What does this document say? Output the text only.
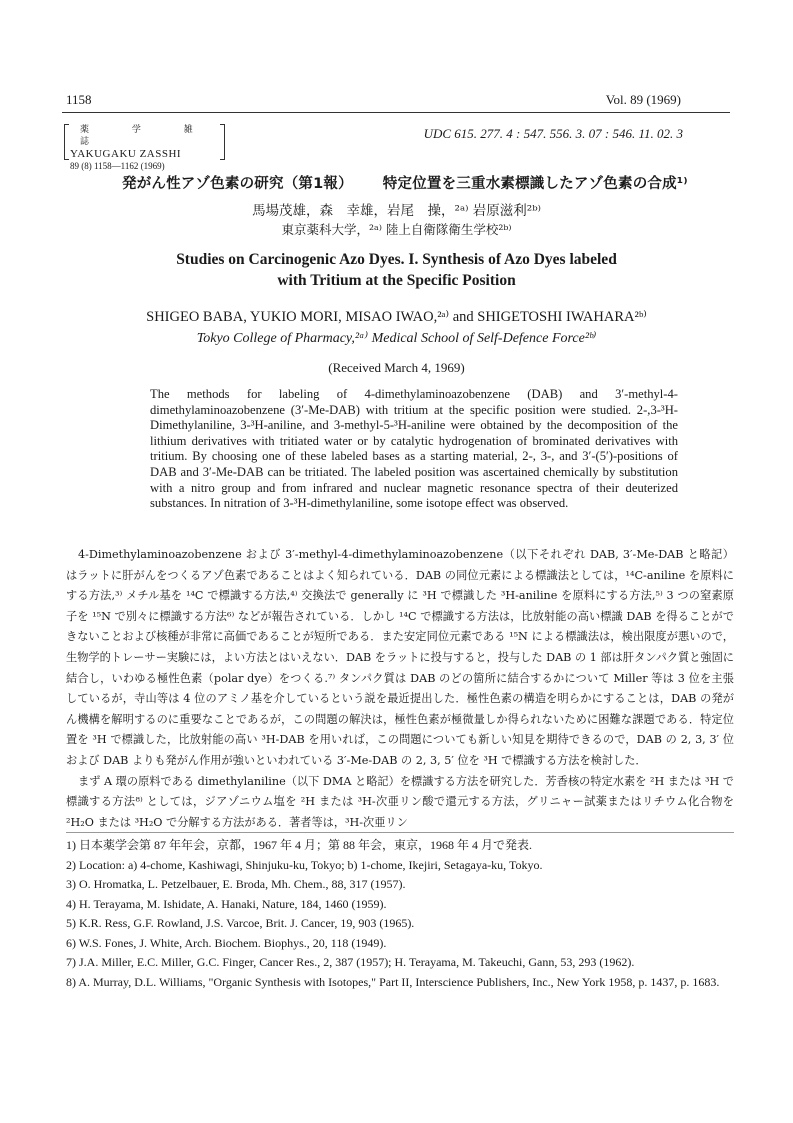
1158	Vol. 89 (1969)
薬 学 雑 誌
YAKUGAKU ZASSHI
89 (8) 1158—1162 (1969)
UDC 615. 277. 4 : 547. 556. 3. 07 : 546. 11. 02. 3
発がん性アゾ色素の研究（第1報） 特定位置を三重水素標識したアゾ色素の合成¹⁾
馬場茂雄，森　幸雄，岩尾　操，²ᵃ⁾ 岩原滋利²ᵇ⁾
東京薬科大学，²ᵃ⁾ 陸上自衛隊衛生学校²ᵇ⁾
Studies on Carcinogenic Azo Dyes. I. Synthesis of Azo Dyes labeled
with Tritium at the Specific Position
SHIGEO BABA, YUKIO MORI, MISAO IWAO,²ᵃ⁾ and SHIGETOSHI IWAHARA²ᵇ⁾
Tokyo College of Pharmacy,²ᵃ⁾ Medical School of Self-Defence Force²ᵇ⁾
(Received March 4, 1969)
The methods for labeling of 4-dimethylaminoazobenzene (DAB) and 3′-methyl-4-dimethylaminoazobenzene (3′-Me-DAB) with tritium at the specific position were studied. 2-,3-³H-Dimethylaniline, 3-³H-aniline, and 3-methyl-5-³H-aniline were obtained by the decomposition of the lithium derivatives with tritiated water or by catalytic hydrogenation of brominated derivatives with tritium. By choosing one of these labeled bases as a starting material, 2-, 3-, and 3′-(5′)-positions of DAB and 3′-Me-DAB can be tritiated. The labeled position was ascertained chemically by substitution with a nitro group and from infrared and nuclear magnetic resonance spectra of their deuterized substances. In nitration of 3-³H-dimethylaniline, some isotope effect was observed.

4-Dimethylaminoazobenzene および 3′-methyl-4-dimethylaminoazobenzene（以下それぞれ DAB, 3′-Me-DAB と略記）はラットに肝がんをつくるアゾ色素であることはよく知られている．DAB の同位元素による標識法としては，¹⁴C-aniline を原料にする方法,³⁾ メチル基を ¹⁴C で標識する方法,⁴⁾ 交換法で generally に ³H で標識した ³H-aniline を原料にする方法,⁵⁾ 3 つの窒素原子を ¹⁵N で別々に標識する方法⁶⁾ などが報告されている．しかし ¹⁴C で標識する方法は，比放射能の高い標識 DAB を得ることができないことおよび核種が非常に高価であることが短所である．また安定同位元素である ¹⁵N による標識法は，検出限度が悪いので，生物学的トレーサー実験には，よい方法とはいえない．DAB をラットに投与すると，投与した DAB の 1 部は肝タンパク質と強固に結合し，いわゆる極性色素（polar dye）をつくる.⁷⁾ タンパク質は DAB のどの箇所に結合するかについて Miller 等は 3 位を主張しているが，寺山等は 4 位のアミノ基を介しているという説を最近提出した．極性色素の構造を明らかにすることは，DAB の発がん機構を解明するのに重要なことであるが，この問題の解決は，極性色素が極微量しか得られないために困難な課題である．特定位置を ³H で標識した，比放射能の高い ³H-DAB を用いれば，この問題についても新しい知見を期待できるので，DAB の 2, 3, 3′ 位および DAB よりも発がん作用が強いといわれている 3′-Me-DAB の 2, 3, 5′ 位を ³H で標識する方法を検討した．

まず A 環の原料である dimethylaniline（以下 DMA と略記）を標識する方法を研究した．芳香核の特定水素を ²H または ³H で標識する方法⁸⁾ としては，ジアゾニウム塩を ²H または ³H-次亜リン酸で還元する方法，グリニャー試薬またはリチウム化合物を ²H₂O または ³H₂O で分解する方法がある．著者等は，³H-次亜リン

1) 日本薬学会第 87 年年会，京都，1967 年 4 月；第 88 年会，東京，1968 年 4 月で発表.
2) Location: a) 4-chome, Kashiwagi, Shinjuku-ku, Tokyo; b) 1-chome, Ikejiri, Setagaya-ku, Tokyo.
3) O. Hromatka, L. Petzelbauer, E. Broda, Mh. Chem., 88, 317 (1957).
4) H. Terayama, M. Ishidate, A. Hanaki, Nature, 184, 1460 (1959).
5) K.R. Ress, G.F. Rowland, J.S. Varcoe, Brit. J. Cancer, 19, 903 (1965).
6) W.S. Fones, J. White, Arch. Biochem. Biophys., 20, 118 (1949).
7) J.A. Miller, E.C. Miller, G.C. Finger, Cancer Res., 2, 387 (1957); H. Terayama, M. Takeuchi, Gann, 53, 293 (1962).
8) A. Murray, D.L. Williams, "Organic Synthesis with Isotopes," Part II, Interscience Publishers, Inc., New York 1958, p. 1437, p. 1683.
